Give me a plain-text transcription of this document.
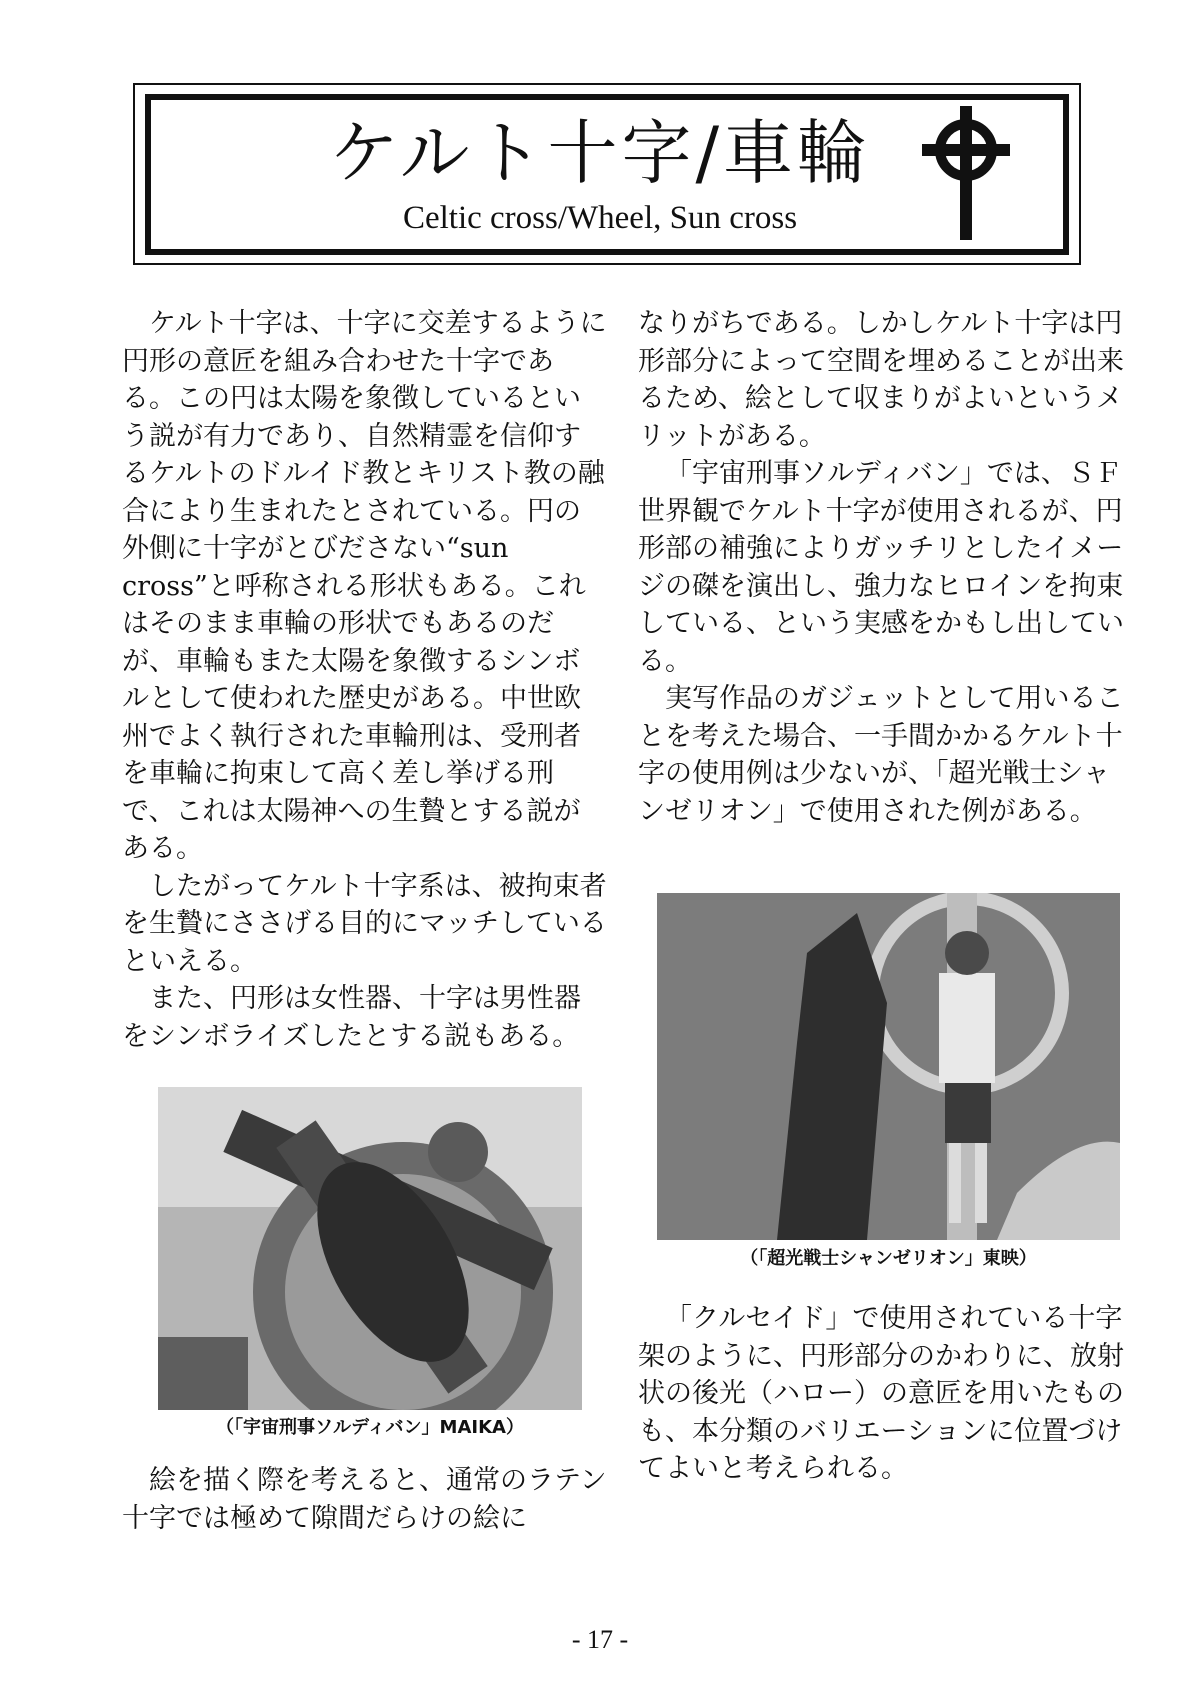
ケルト十字/車輪
Celtic cross/Wheel, Sun cross

ケルト十字は、十字に交差するように円形の意匠を組み合わせた十字である。この円は太陽を象徴しているという説が有力であり、自然精霊を信仰するケルトのドルイド教とキリスト教の融合により生まれたとされている。円の外側に十字がとびださない“sun cross”と呼称される形状もある。これはそのまま車輪の形状でもあるのだが、車輪もまた太陽を象徴するシンボルとして使われた歴史がある。中世欧州でよく執行された車輪刑は、受刑者を車輪に拘束して高く差し挙げる刑で、これは太陽神への生贄とする説がある。

したがってケルト十字系は、被拘束者を生贄にささげる目的にマッチしているといえる。

また、円形は女性器、十字は男性器をシンボライズしたとする説もある。

なりがちである。しかしケルト十字は円形部分によって空間を埋めることが出来るため、絵として収まりがよいというメリットがある。

「宇宙刑事ソルディバン」では、ＳＦ世界観でケルト十字が使用されるが、円形部の補強によりガッチリとしたイメージの磔を演出し、強力なヒロインを拘束している、という実感をかもし出している。

実写作品のガジェットとして用いることを考えた場合、一手間かかるケルト十字の使用例は少ないが、「超光戦士シャンゼリオン」で使用された例がある。

（「宇宙刑事ソルディバン」MAIKA）
（「超光戦士シャンゼリオン」東映）

「クルセイド」で使用されている十字架のように、円形部分のかわりに、放射状の後光（ハロー）の意匠を用いたものも、本分類のバリエーションに位置づけてよいと考えられる。

絵を描く際を考えると、通常のラテン十字では極めて隙間だらけの絵に

- 17 -
